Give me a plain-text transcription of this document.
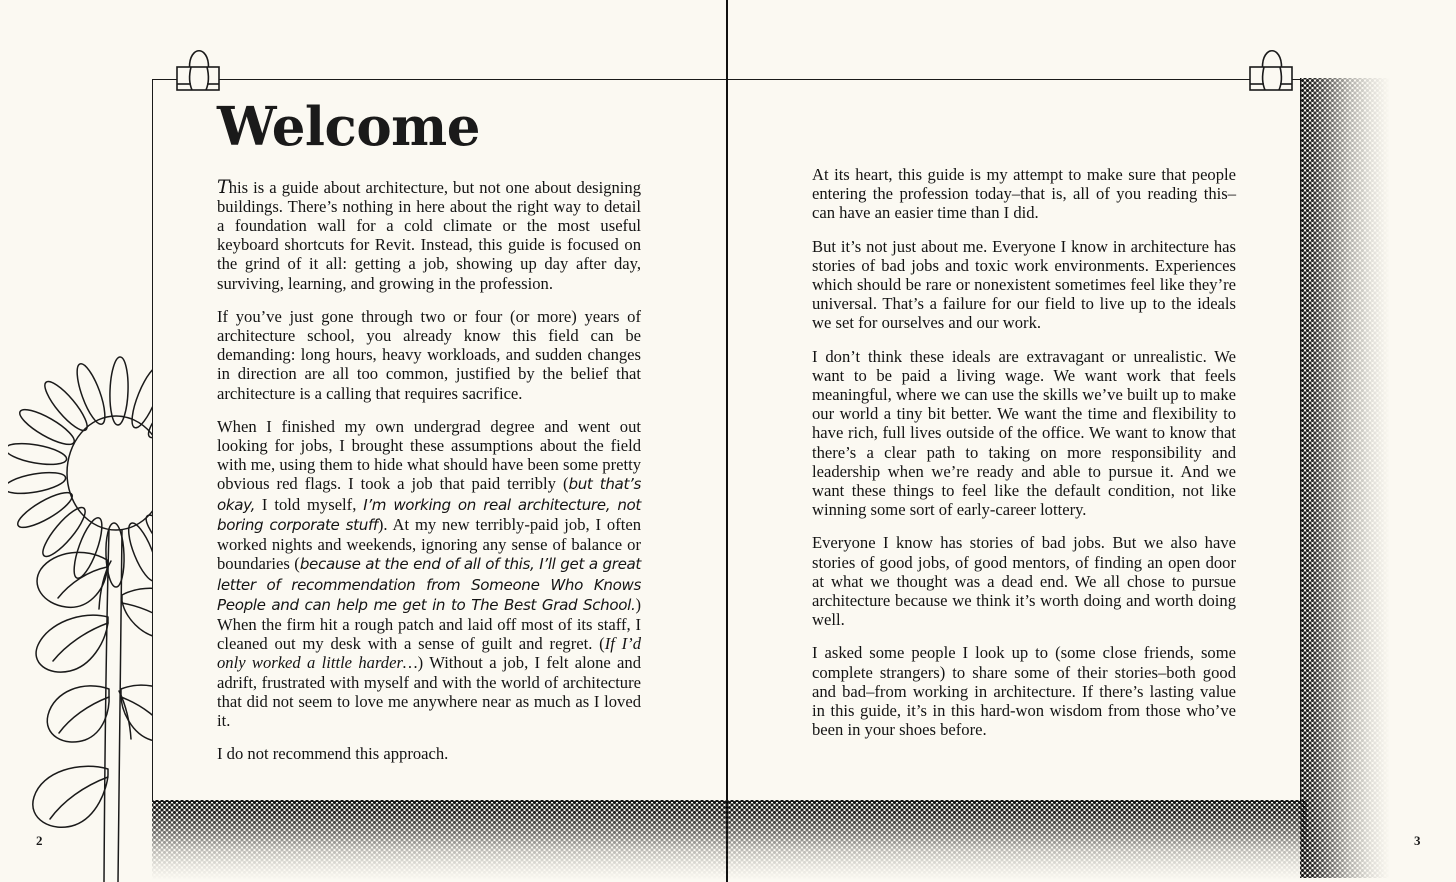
Welcome

This is a guide about architecture, but not one about designing buildings. There’s nothing in here about the right way to detail a foundation wall for a cold climate or the most useful keyboard shortcuts for Revit. Instead, this guide is focused on the grind of it all: getting a job, showing up day after day, surviving, learning, and growing in the profession.

If you’ve just gone through two or four (or more) years of architecture school, you already know this field can be demanding: long hours, heavy workloads, and sudden changes in direction are all too common, justified by the belief that architecture is a calling that requires sacrifice.

When I finished my own undergrad degree and went out looking for jobs, I brought these assumptions about the field with me, using them to hide what should have been some pretty obvious red flags. I took a job that paid terribly (but that’s okay, I told myself, I’m working on real architecture, not boring corporate stuff). At my new terribly-paid job, I often worked nights and weekends, ignoring any sense of balance or boundaries (because at the end of all of this, I’ll get a great letter of recommendation from Someone Who Knows People and can help me get in to The Best Grad School.) When the firm hit a rough patch and laid off most of its staff, I cleaned out my desk with a sense of guilt and regret. (If I’d only worked a little harder…) Without a job, I felt alone and adrift, frustrated with myself and with the world of architecture that did not seem to love me anywhere near as much as I loved it.

I do not recommend this approach.

At its heart, this guide is my attempt to make sure that people entering the profession today–that is, all of you reading this–can have an easier time than I did.

But it’s not just about me. Everyone I know in architecture has stories of bad jobs and toxic work environments. Experiences which should be rare or nonexistent sometimes feel like they’re universal. That’s a failure for our field to live up to the ideals we set for ourselves and our work.

I don’t think these ideals are extravagant or unrealistic. We want to be paid a living wage. We want work that feels meaningful, where we can use the skills we’ve built up to make our world a tiny bit better. We want the time and flexibility to have rich, full lives outside of the office. We want to know that there’s a clear path to taking on more responsibility and leadership when we’re ready and able to pursue it. And we want these things to feel like the default condition, not like winning some sort of early-career lottery.

Everyone I know has stories of bad jobs. But we also have stories of good jobs, of good mentors, of finding an open door at what we thought was a dead end. We all chose to pursue architecture because we think it’s worth doing and worth doing well.

I asked some people I look up to (some close friends, some complete strangers) to share some of their stories–both good and bad–from working in architecture. If there’s lasting value in this guide, it’s in this hard-won wisdom from those who’ve been in your shoes before.

2	3
